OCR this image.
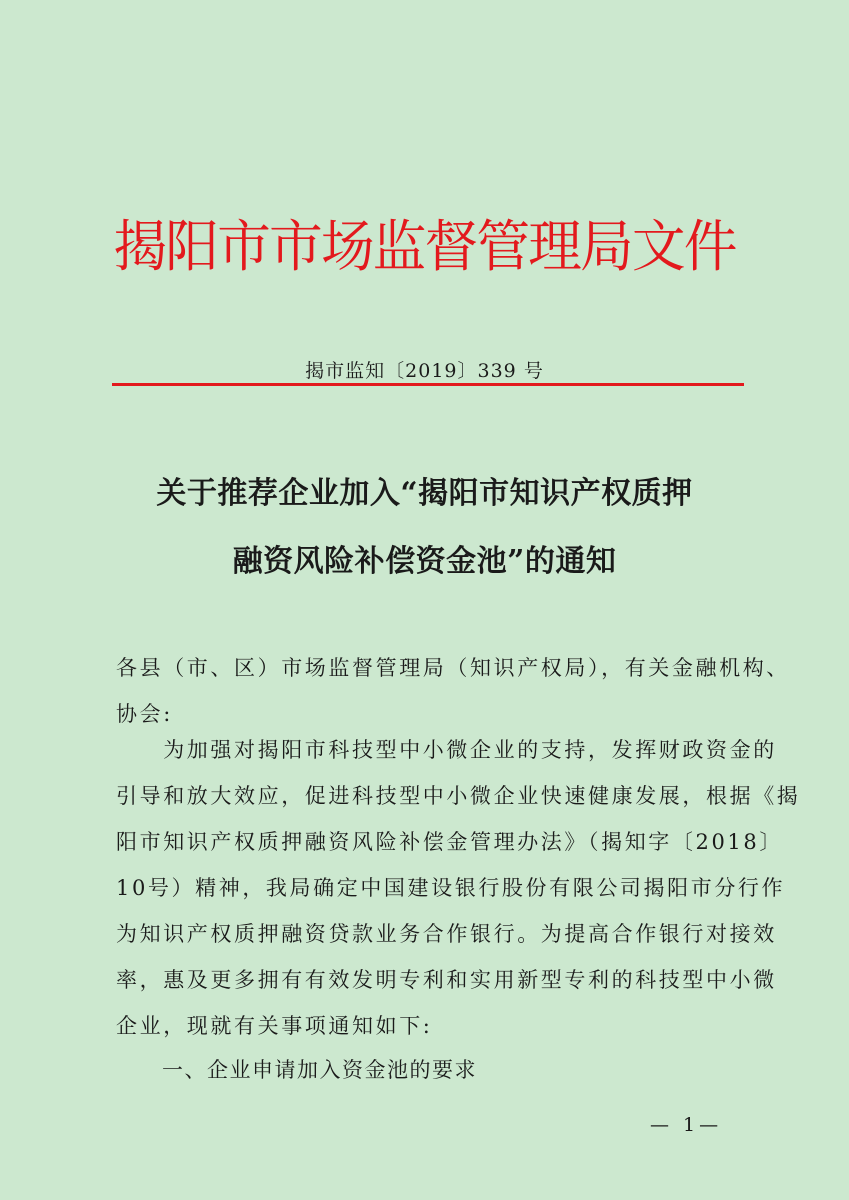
揭阳市市场监督管理局文件
揭市监知〔2019〕339 号
关于推荐企业加入“揭阳市知识产权质押
融资风险补偿资金池”的通知
各县（市、区）市场监督管理局（知识产权局），有关金融机构、
协会:
　　为加强对揭阳市科技型中小微企业的支持，发挥财政资金的
引导和放大效应，促进科技型中小微企业快速健康发展，根据《揭
阳市知识产权质押融资风险补偿金管理办法》（揭知字〔2018〕
10号）精神，我局确定中国建设银行股份有限公司揭阳市分行作
为知识产权质押融资贷款业务合作银行。为提高合作银行对接效
率，惠及更多拥有有效发明专利和实用新型专利的科技型中小微
企业，现就有关事项通知如下:
一、企业申请加入资金池的要求
— 1—
